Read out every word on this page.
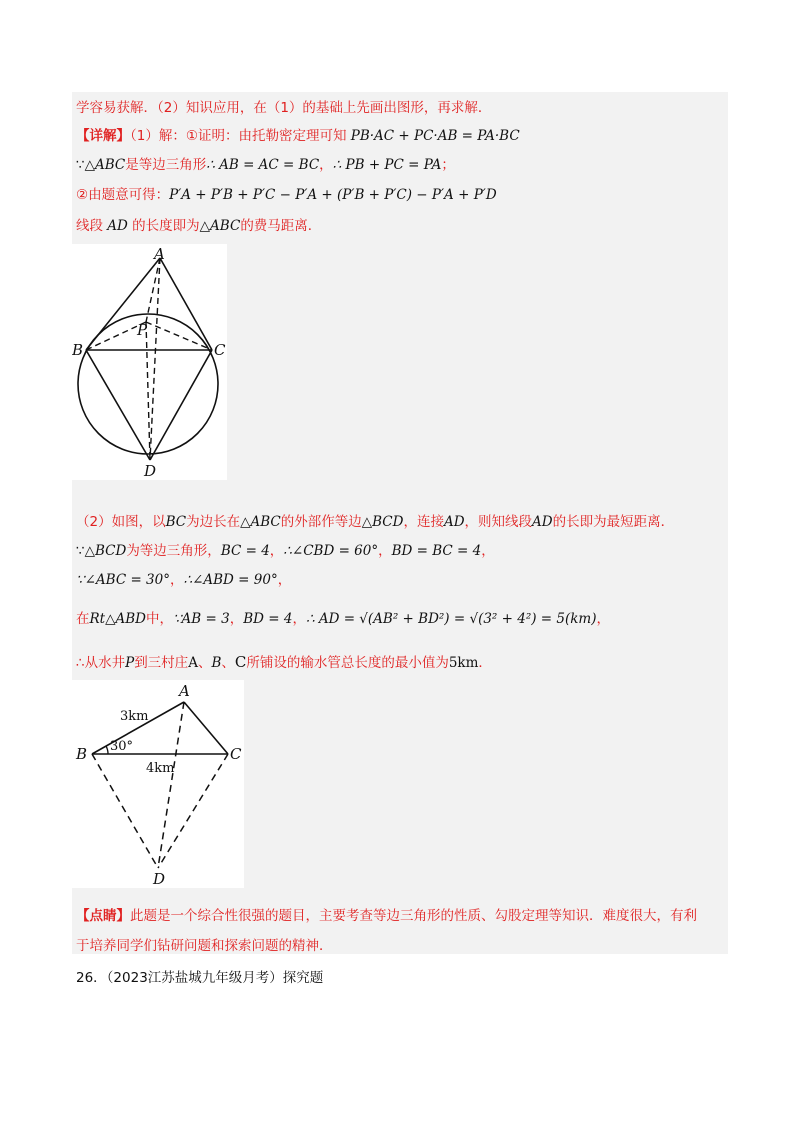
学容易获解．（2）知识应用，在（1）的基础上先画出图形，再求解．
【详解】（1）解：①证明：由托勒密定理可知 PB·AC + PC·AB = PA·BC
∵△ABC是等边三角形∴ AB = AC = BC，∴ PB + PC = PA；
②由题意可得：P′A + P′B + P′C − P′A + (P′B + P′C) − P′A + P′D
线段 AD 的长度即为△ABC的费马距离．
A
P
B	C
D
（2）如图，以BC为边长在△ABC的外部作等边△BCD，连接AD，则知线段AD的长即为最短距离．
∵△BCD为等边三角形，BC = 4，∴∠CBD = 60°，BD = BC = 4，
∵∠ABC = 30°，∴∠ABD = 90°，
在Rt△ABD中，∵AB = 3，BD = 4，∴ AD = √(AB² + BD²) = √(3² + 4²) = 5(km)，
∴从水井P到三村庄A、B、C所铺设的输水管总长度的最小值为5km．
A
B	C
D
3km
4km
30°
【点睛】此题是一个综合性很强的题目，主要考查等边三角形的性质、勾股定理等知识．难度很大，有利
于培养同学们钻研问题和探索问题的精神．
26．（2023江苏盐城九年级月考）探究题
